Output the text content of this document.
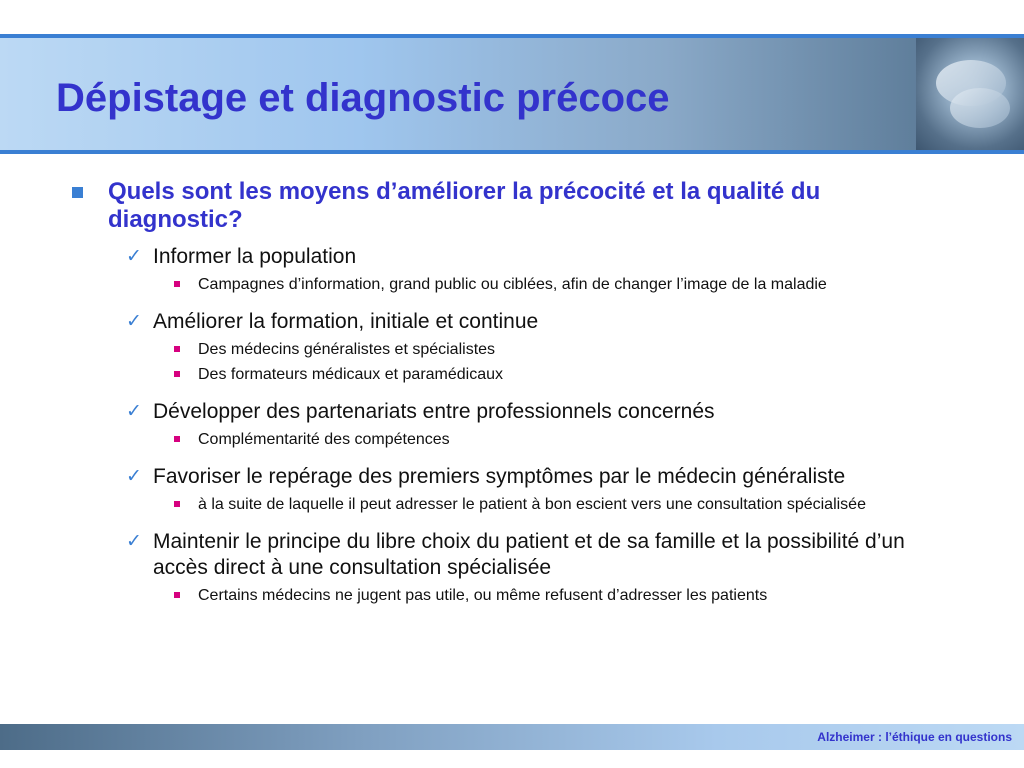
Dépistage et diagnostic précoce
Quels sont les moyens d’améliorer la précocité et la qualité du diagnostic?
✓ Informer la population
Campagnes d’information, grand public ou ciblées, afin de changer l’image de la maladie
✓ Améliorer la formation, initiale et continue
Des médecins généralistes et spécialistes
Des formateurs médicaux et paramédicaux
✓ Développer des partenariats entre professionnels concernés
Complémentarité des compétences
✓ Favoriser le repérage des premiers symptômes par le médecin généraliste
à la suite de laquelle il peut adresser le patient à bon escient vers une consultation spécialisée
✓ Maintenir le principe du libre choix du patient et de sa famille et la possibilité d’un accès direct à une consultation spécialisée
Certains médecins ne jugent pas utile, ou même refusent d’adresser les patients
Alzheimer : l’éthique en questions
